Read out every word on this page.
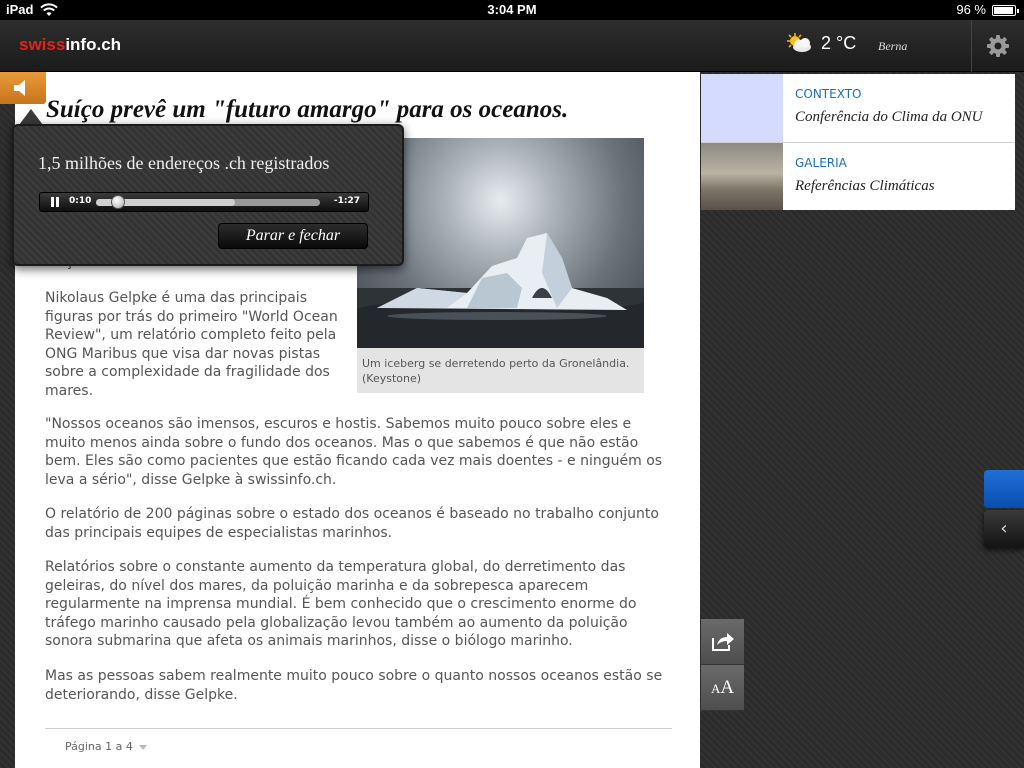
iPad	3:04 PM	96 %
swissinfo.ch	2 °C Berna
Suíço prevê um "futuro amargo" para os oceanos.

Um iceberg se derretendo perto da Gronelândia. (Keystone)

Nikolaus Gelpke é uma das principais figuras por trás do primeiro "World Ocean Review", um relatório completo feito pela ONG Maribus que visa dar novas pistas sobre a complexidade da fragilidade dos mares.

"Nossos oceanos são imensos, escuros e hostis. Sabemos muito pouco sobre eles e muito menos ainda sobre o fundo dos oceanos. Mas o que sabemos é que não estão bem. Eles são como pacientes que estão ficando cada vez mais doentes - e ninguém os leva a sério", disse Gelpke à swissinfo.ch.

O relatório de 200 páginas sobre o estado dos oceanos é baseado no trabalho conjunto das principais equipes de especialistas marinhos.

Relatórios sobre o constante aumento da temperatura global, do derretimento das geleiras, do nível dos mares, da poluição marinha e da sobrepesca aparecem regularmente na imprensa mundial. É bem conhecido que o crescimento enorme do tráfego marinho causado pela globalização levou também ao aumento da poluição sonora submarina que afeta os animais marinhos, disse o biólogo marinho.

Mas as pessoas sabem realmente muito pouco sobre o quanto nossos oceanos estão se deteriorando, disse Gelpke.

Página 1 a 4
1,5 milhões de endereços .ch registrados
0:10	-1:27
Parar e fechar
CONTEXTO
Conferência do Clima da ONU
GALERIA
Referências Climáticas
‹
AA
